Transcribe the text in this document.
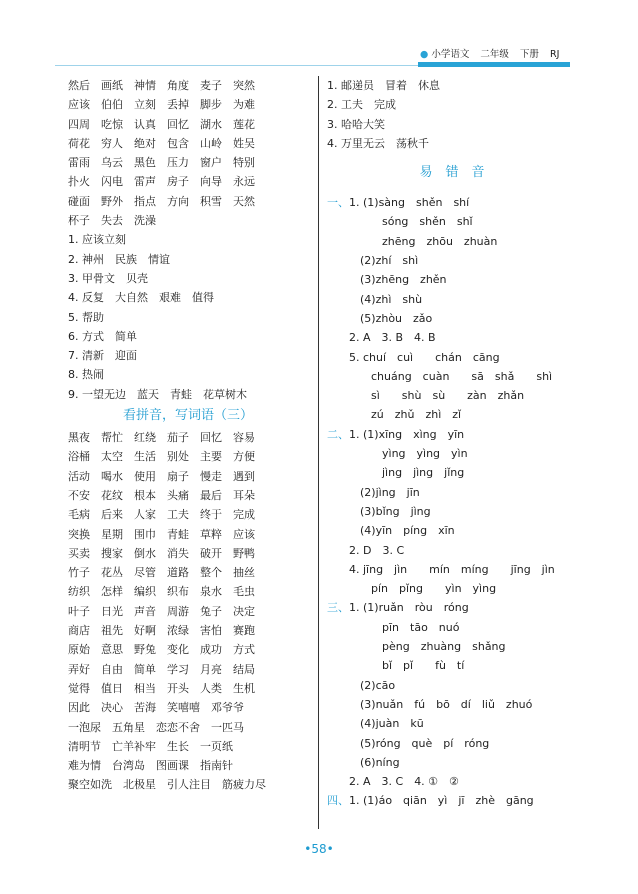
● 小学语文 二年级 下册 RJ
然后　画纸　神情　角度　麦子　突然
应该　伯伯　立刻　丢掉　脚步　为难
四周　吃惊　认真　回忆　湖水　莲花
荷花　穷人　绝对　包含　山岭　姓吴
雷雨　乌云　黑色　压力　窗户　特别
扑火　闪电　雷声　房子　向导　永远
碰面　野外　指点　方向　积雪　天然
杯子　失去　洗澡
1. 应该立刻
2. 神州　民族　情谊
3. 甲骨文　贝壳
4. 反复　大自然　艰难　值得
5. 帮助
6. 方式　简单
7. 清新　迎面
8. 热闹
9. 一望无边　蓝天　青蛙　花草树木
看拼音，写词语（三）
黑夜　帮忙　红绕　茄子　回忆　容易
浴桶　太空　生活　别处　主要　方便
活动　喝水　使用　扇子　慢走　遇到
不安　花纹　根本　头痛　最后　耳朵
毛病　后来　人家　工夫　终于　完成
突换　星期　围巾　青蛙　草粹　应该
买卖　搜家　倒水　消失　破开　野鸭
竹子　花丛　尽管　道路　整个　抽丝
纺织　怎样　编织　织布　泉水　毛虫
叶子　日光　声音　周游　兔子　决定
商店　祖先　好啊　浓绿　害怕　赛跑
原始　意思　野兔　变化　成功　方式
弄好　自由　简单　学习　月亮　结局
觉得　值日　相当　开头　人类　生机
因此　决心　苦海　笑嘻嘻　邓爷爷
一泡尿　五角星　恋恋不舍　一匹马
清明节　亡羊补牢　生长　一页纸
难为情　台湾岛　图画课　指南针
聚空如洗　北极星　引人注目　筋疲力尽
1. 邮递员　冒着　休息
2. 工夫　完成
3. 哈哈大笑
4. 万里无云　荡秋千
易　错　音
一、1. (1)sàng　shěn　shí
　　　　　sóng　shěn　shǐ
　　　　　zhēng　zhōu　zhuàn
　　　(2)zhí　shì
　　　(3)zhēng　zhěn
　　　(4)zhì　shù
　　　(5)zhòu　zǎo
　　2. A　3. B　4. B
　　5. chuí　cuì　　chán　cāng
　　　　chuáng　cuàn　　sā　shǎ　　shì
　　　　sì　　shù　sù　　zàn　zhǎn
　　　　zú　zhǔ　zhì　zǐ
二、1. (1)xīng　xìng　yīn
　　　　　yìng　yìng　yìn
　　　　　jìng　jìng　jǐng
　　　(2)jìng　jīn
　　　(3)bǐng　jìng
　　　(4)yīn　píng　xīn
　　2. D　3. C
　　4. jīng　jìn　　mín　míng　　jīng　jìn
　　　　pín　pǐng　　yìn　yìng
三、1. (1)ruǎn　ròu　róng
　　　　　pīn　tāo　nuó
　　　　　pèng　zhuàng　shǎng
　　　　　bǐ　pǐ　　fù　tí
　　　(2)cāo
　　　(3)nuǎn　fú　bō　dí　liǔ　zhuó
　　　(4)juàn　kū
　　　(5)róng　què　pí　róng
　　　(6)níng
　　2. A　3. C　4. ①　②
四、1. (1)áo　qiān　yì　jī　zhè　gāng
•58•
